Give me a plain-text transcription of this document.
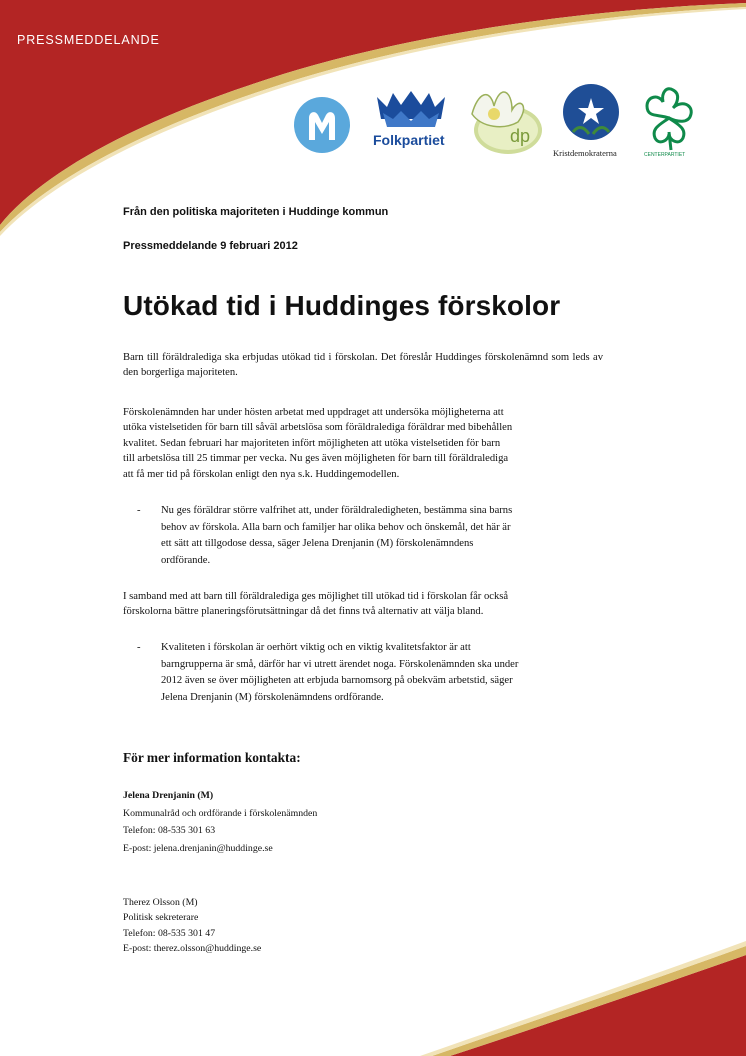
PRESSMEDDELANDE
Folkpartiet	dp
Kristdemokraterna	CENTERPARTIET
Från den politiska majoriteten i Huddinge kommun
Pressmeddelande 9 februari 2012
Utökad tid i Huddinges förskolor

Barn till föräldralediga ska erbjudas utökad tid i förskolan. Det föreslår Huddinges förskolenämnd som leds av den borgerliga majoriteten.

Förskolenämnden har under hösten arbetat med uppdraget att undersöka möjligheterna att
utöka vistelsetiden för barn till såväl arbetslösa som föräldralediga föräldrar med bibehållen
kvalitet. Sedan februari har majoriteten infört möjligheten att utöka vistelsetiden för barn
till arbetslösa till 25 timmar per vecka. Nu ges även möjligheten för barn till föräldralediga
att få mer tid på förskolan enligt den nya s.k. Huddingemodellen.

- Nu ges föräldrar större valfrihet att, under föräldraledigheten, bestämma sina barns
behov av förskola. Alla barn och familjer har olika behov och önskemål, det här är
ett sätt att tillgodose dessa, säger Jelena Drenjanin (M) förskolenämndens
ordförande.

I samband med att barn till föräldralediga ges möjlighet till utökad tid i förskolan får också
förskolorna bättre planeringsförutsättningar då det finns två alternativ att välja bland.

- Kvaliteten i förskolan är oerhört viktig och en viktig kvalitetsfaktor är att
barngrupperna är små, därför har vi utrett ärendet noga. Förskolenämnden ska under
2012 även se över möjligheten att erbjuda barnomsorg på obekväm arbetstid, säger
Jelena Drenjanin (M) förskolenämndens ordförande.
För mer information kontakta:
Jelena Drenjanin (M)
Kommunalråd och ordförande i förskolenämnden
Telefon: 08-535 301 63
E-post: jelena.drenjanin@huddinge.se
Therez Olsson (M)
Politisk sekreterare
Telefon: 08-535 301 47
E-post: therez.olsson@huddinge.se
